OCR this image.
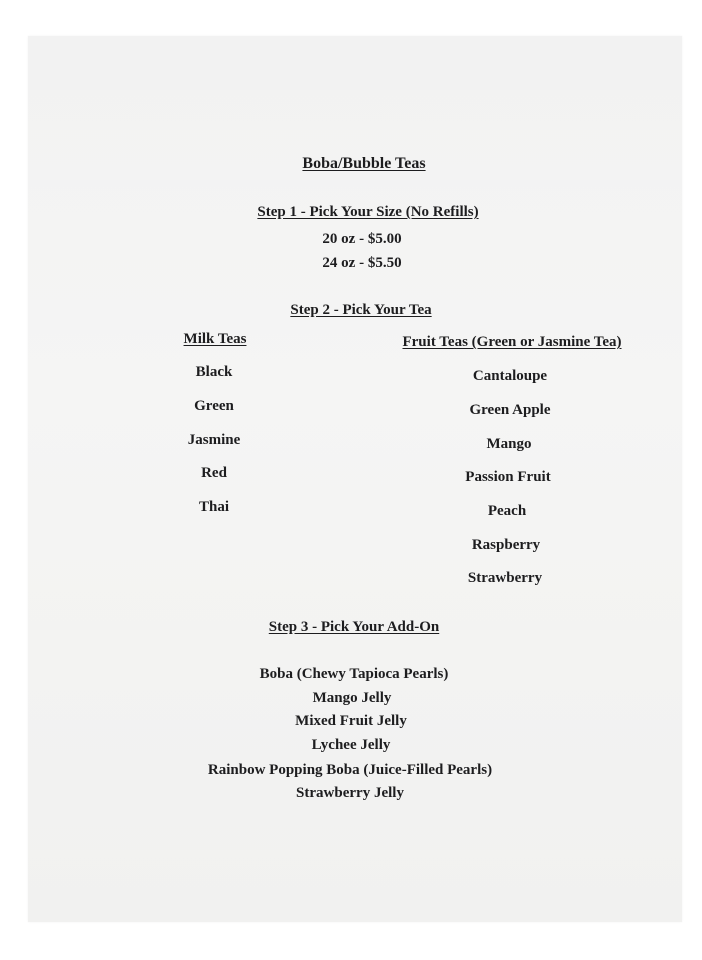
Boba/Bubble Teas
Step 1 - Pick Your Size (No Refills)
20 oz - $5.00
24 oz - $5.50
Step 2 - Pick Your Tea
Milk Teas
Black
Green
Jasmine
Red
Thai
Fruit Teas (Green or Jasmine Tea)
Cantaloupe
Green Apple
Mango
Passion Fruit
Peach
Raspberry
Strawberry
Step 3 - Pick Your Add-On
Boba (Chewy Tapioca Pearls)
Mango Jelly
Mixed Fruit Jelly
Lychee Jelly
Rainbow Popping Boba (Juice-Filled Pearls)
Strawberry Jelly
